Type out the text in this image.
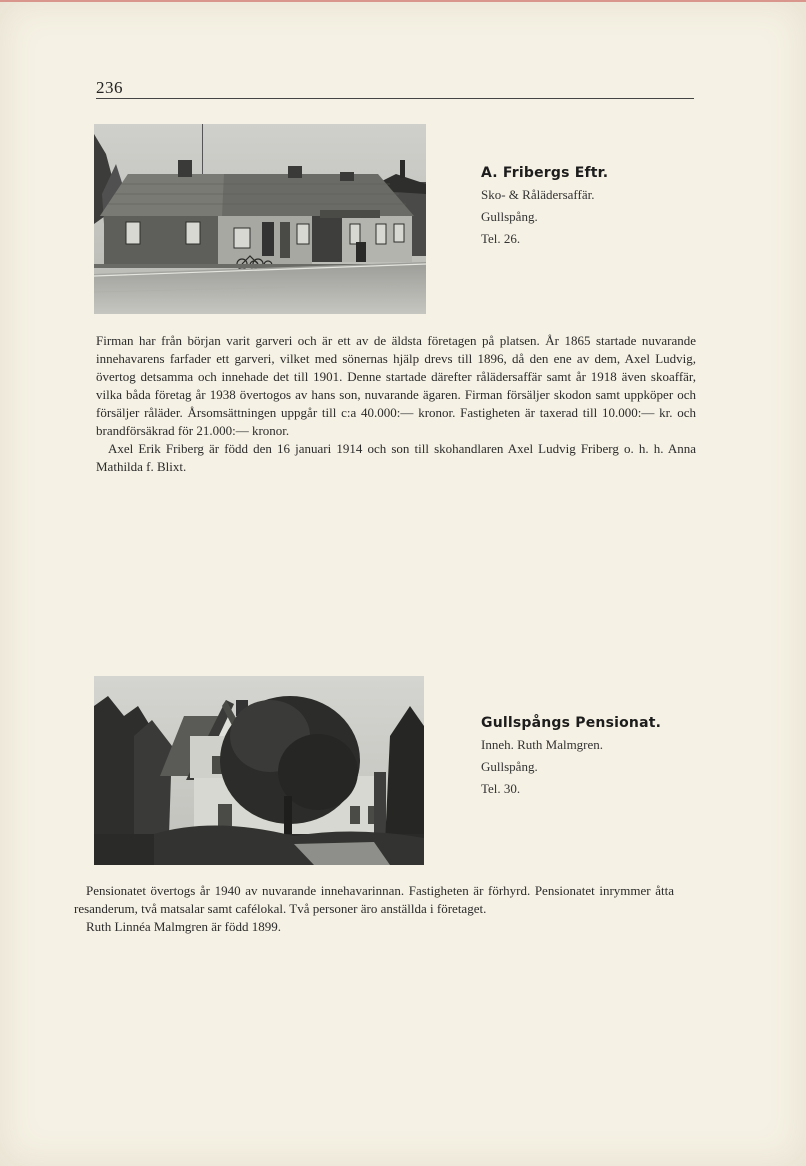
236
A. Fribergs Eftr.
Sko- & Rålädersaffär.
Gullspång.
Tel. 26.

Firman har från början varit garveri och är ett av de äldsta företagen på platsen. År 1865 startade nuvarande innehavarens farfader ett garveri, vilket med sönernas hjälp drevs till 1896, då den ene av dem, Axel Ludvig, övertog detsamma och innehade det till 1901. Denne startade därefter rålädersaffär samt år 1918 även skoaffär, vilka båda företag år 1938 övertogos av hans son, nuvarande ägaren. Firman försäljer skodon samt uppköper och försäljer råläder. Årsomsättningen uppgår till c:a 40.000:— kronor. Fastigheten är taxerad till 10.000:— kr. och brandförsäkrad för 21.000:— kronor.

Axel Erik Friberg är född den 16 januari 1914 och son till skohandlaren Axel Ludvig Friberg o. h. h. Anna Mathilda f. Blixt.

Gullspångs Pensionat.
Inneh. Ruth Malmgren.
Gullspång.
Tel. 30.

Pensionatet övertogs år 1940 av nuvarande innehavarinnan. Fastigheten är förhyrd. Pensionatet inrymmer åtta resanderum, två matsalar samt cafélokal. Två personer äro anställda i företaget.

Ruth Linnéa Malmgren är född 1899.
